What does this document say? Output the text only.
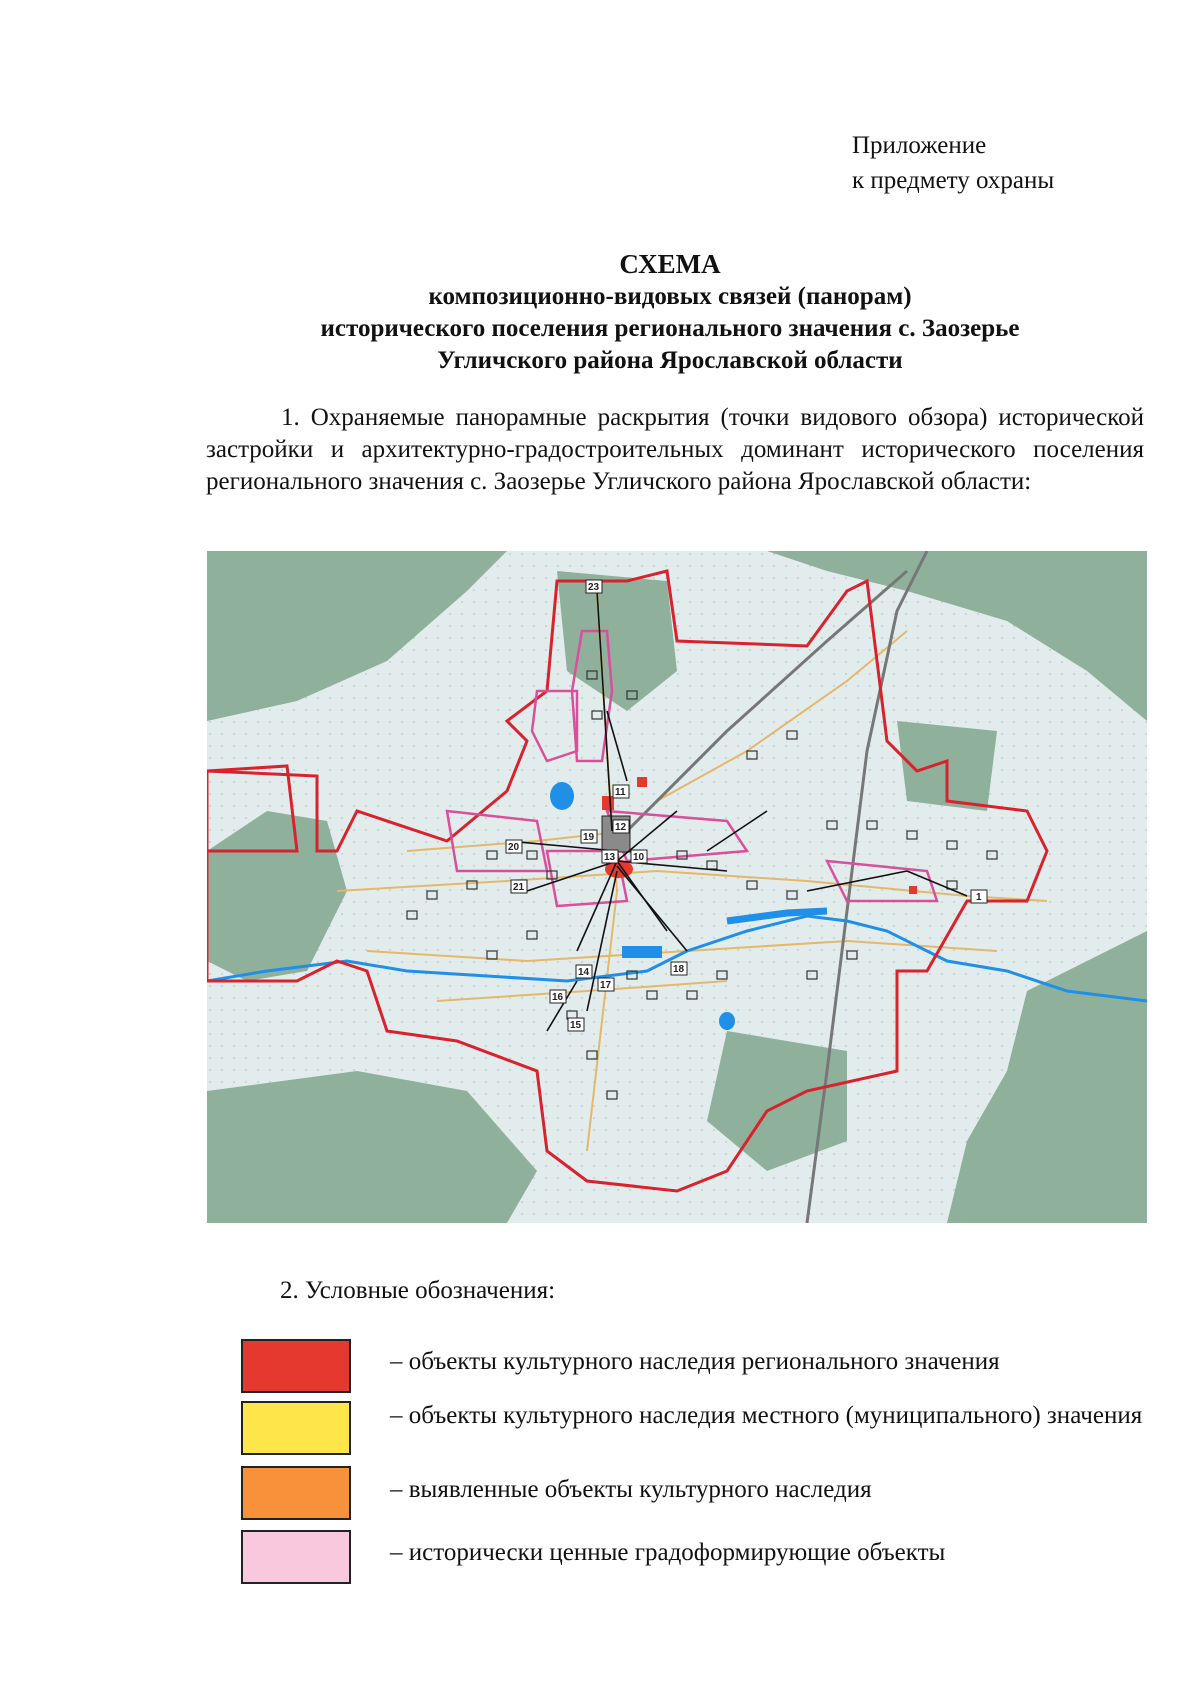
Приложение
к предмету охраны
СХЕМА
композиционно-видовых связей (панорам)
исторического поселения регионального значения с. Заозерье
Угличского района Ярославской области
1. Охраняемые панорамные раскрытия (точки видового обзора) исторической застройки и архитектурно-градостроительных доминант исторического поселения регионального значения с. Заозерье Угличского района Ярославской области:
23
12
11
13
19
20
21
10
14
15
16
17
18
1
2. Условные обозначения:
– объекты культурного наследия регионального значения
– объекты культурного наследия местного (муниципального) значения
– выявленные объекты культурного наследия
– исторически ценные градоформирующие объекты
